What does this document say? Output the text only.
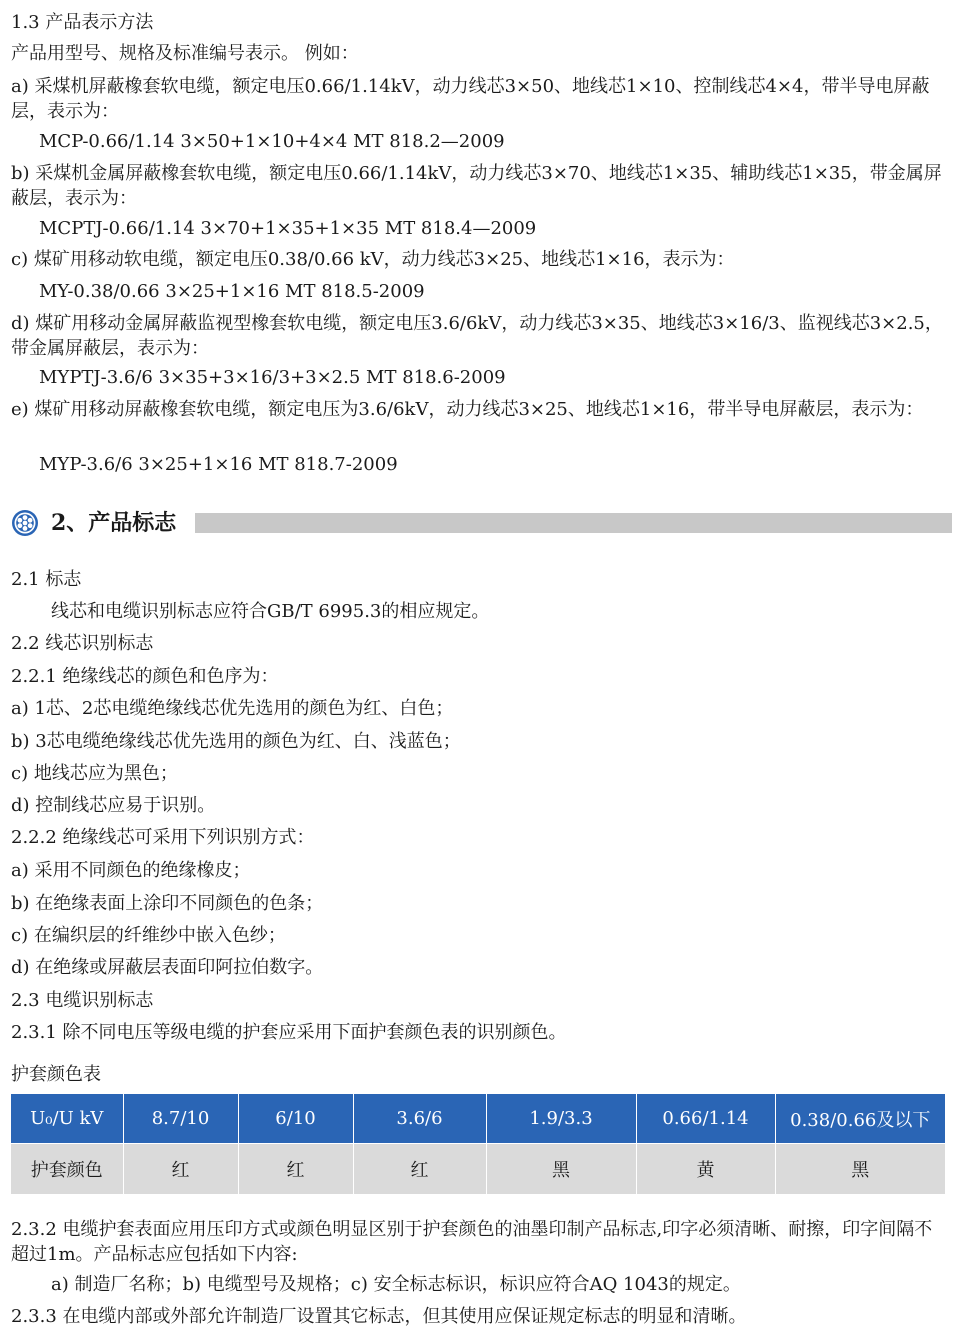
1.3 产品表示方法
产品用型号、规格及标准编号表示。 例如：
a) 采煤机屏蔽橡套软电缆，额定电压0.66/1.14kV，动力线芯3×50、地线芯1×10、控制线芯4×4，带半导电屏蔽层，表示为：
MCP-0.66/1.14 3×50+1×10+4×4 MT 818.2—2009
b) 采煤机金属屏蔽橡套软电缆，额定电压0.66/1.14kV，动力线芯3×70、地线芯1×35、辅助线芯1×35，带金属屏蔽层，表示为：
MCPTJ-0.66/1.14 3×70+1×35+1×35 MT 818.4—2009
c) 煤矿用移动软电缆，额定电压0.38/0.66 kV，动力线芯3×25、地线芯1×16，表示为：
MY-0.38/0.66 3×25+1×16 MT 818.5-2009
d) 煤矿用移动金属屏蔽监视型橡套软电缆，额定电压3.6/6kV，动力线芯3×35、地线芯3×16/3、监视线芯3×2.5，带金属屏蔽层，表示为：
MYPTJ-3.6/6 3×35+3×16/3+3×2.5 MT 818.6-2009
e) 煤矿用移动屏蔽橡套软电缆，额定电压为3.6/6kV，动力线芯3×25、地线芯1×16，带半导电屏蔽层，表示为：
MYP-3.6/6 3×25+1×16 MT 818.7-2009
2、产品标志
2.1 标志
线芯和电缆识别标志应符合GB/T 6995.3的相应规定。
2.2 线芯识别标志
2.2.1 绝缘线芯的颜色和色序为：
a) 1芯、2芯电缆绝缘线芯优先选用的颜色为红、白色；
b) 3芯电缆绝缘线芯优先选用的颜色为红、白、浅蓝色；
c) 地线芯应为黑色；
d) 控制线芯应易于识别。
2.2.2 绝缘线芯可采用下列识别方式：
a) 采用不同颜色的绝缘橡皮；
b) 在绝缘表面上涂印不同颜色的色条；
c) 在编织层的纤维纱中嵌入色纱；
d) 在绝缘或屏蔽层表面印阿拉伯数字。
2.3 电缆识别标志
2.3.1 除不同电压等级电缆的护套应采用下面护套颜色表的识别颜色。
护套颜色表
U₀/U kV	8.7/10	6/10	3.6/6	1.9/3.3	0.66/1.14	0.38/0.66及以下
护套颜色	红	红	红	黑	黄	黑
2.3.2 电缆护套表面应用压印方式或颜色明显区别于护套颜色的油墨印制产品标志,印字必须清晰、耐擦，印字间隔不超过1m。产品标志应包括如下内容:
a) 制造厂名称；b) 电缆型号及规格；c) 安全标志标识，标识应符合AQ 1043的规定。
2.3.3 在电缆内部或外部允许制造厂设置其它标志，但其使用应保证规定标志的明显和清晰。
